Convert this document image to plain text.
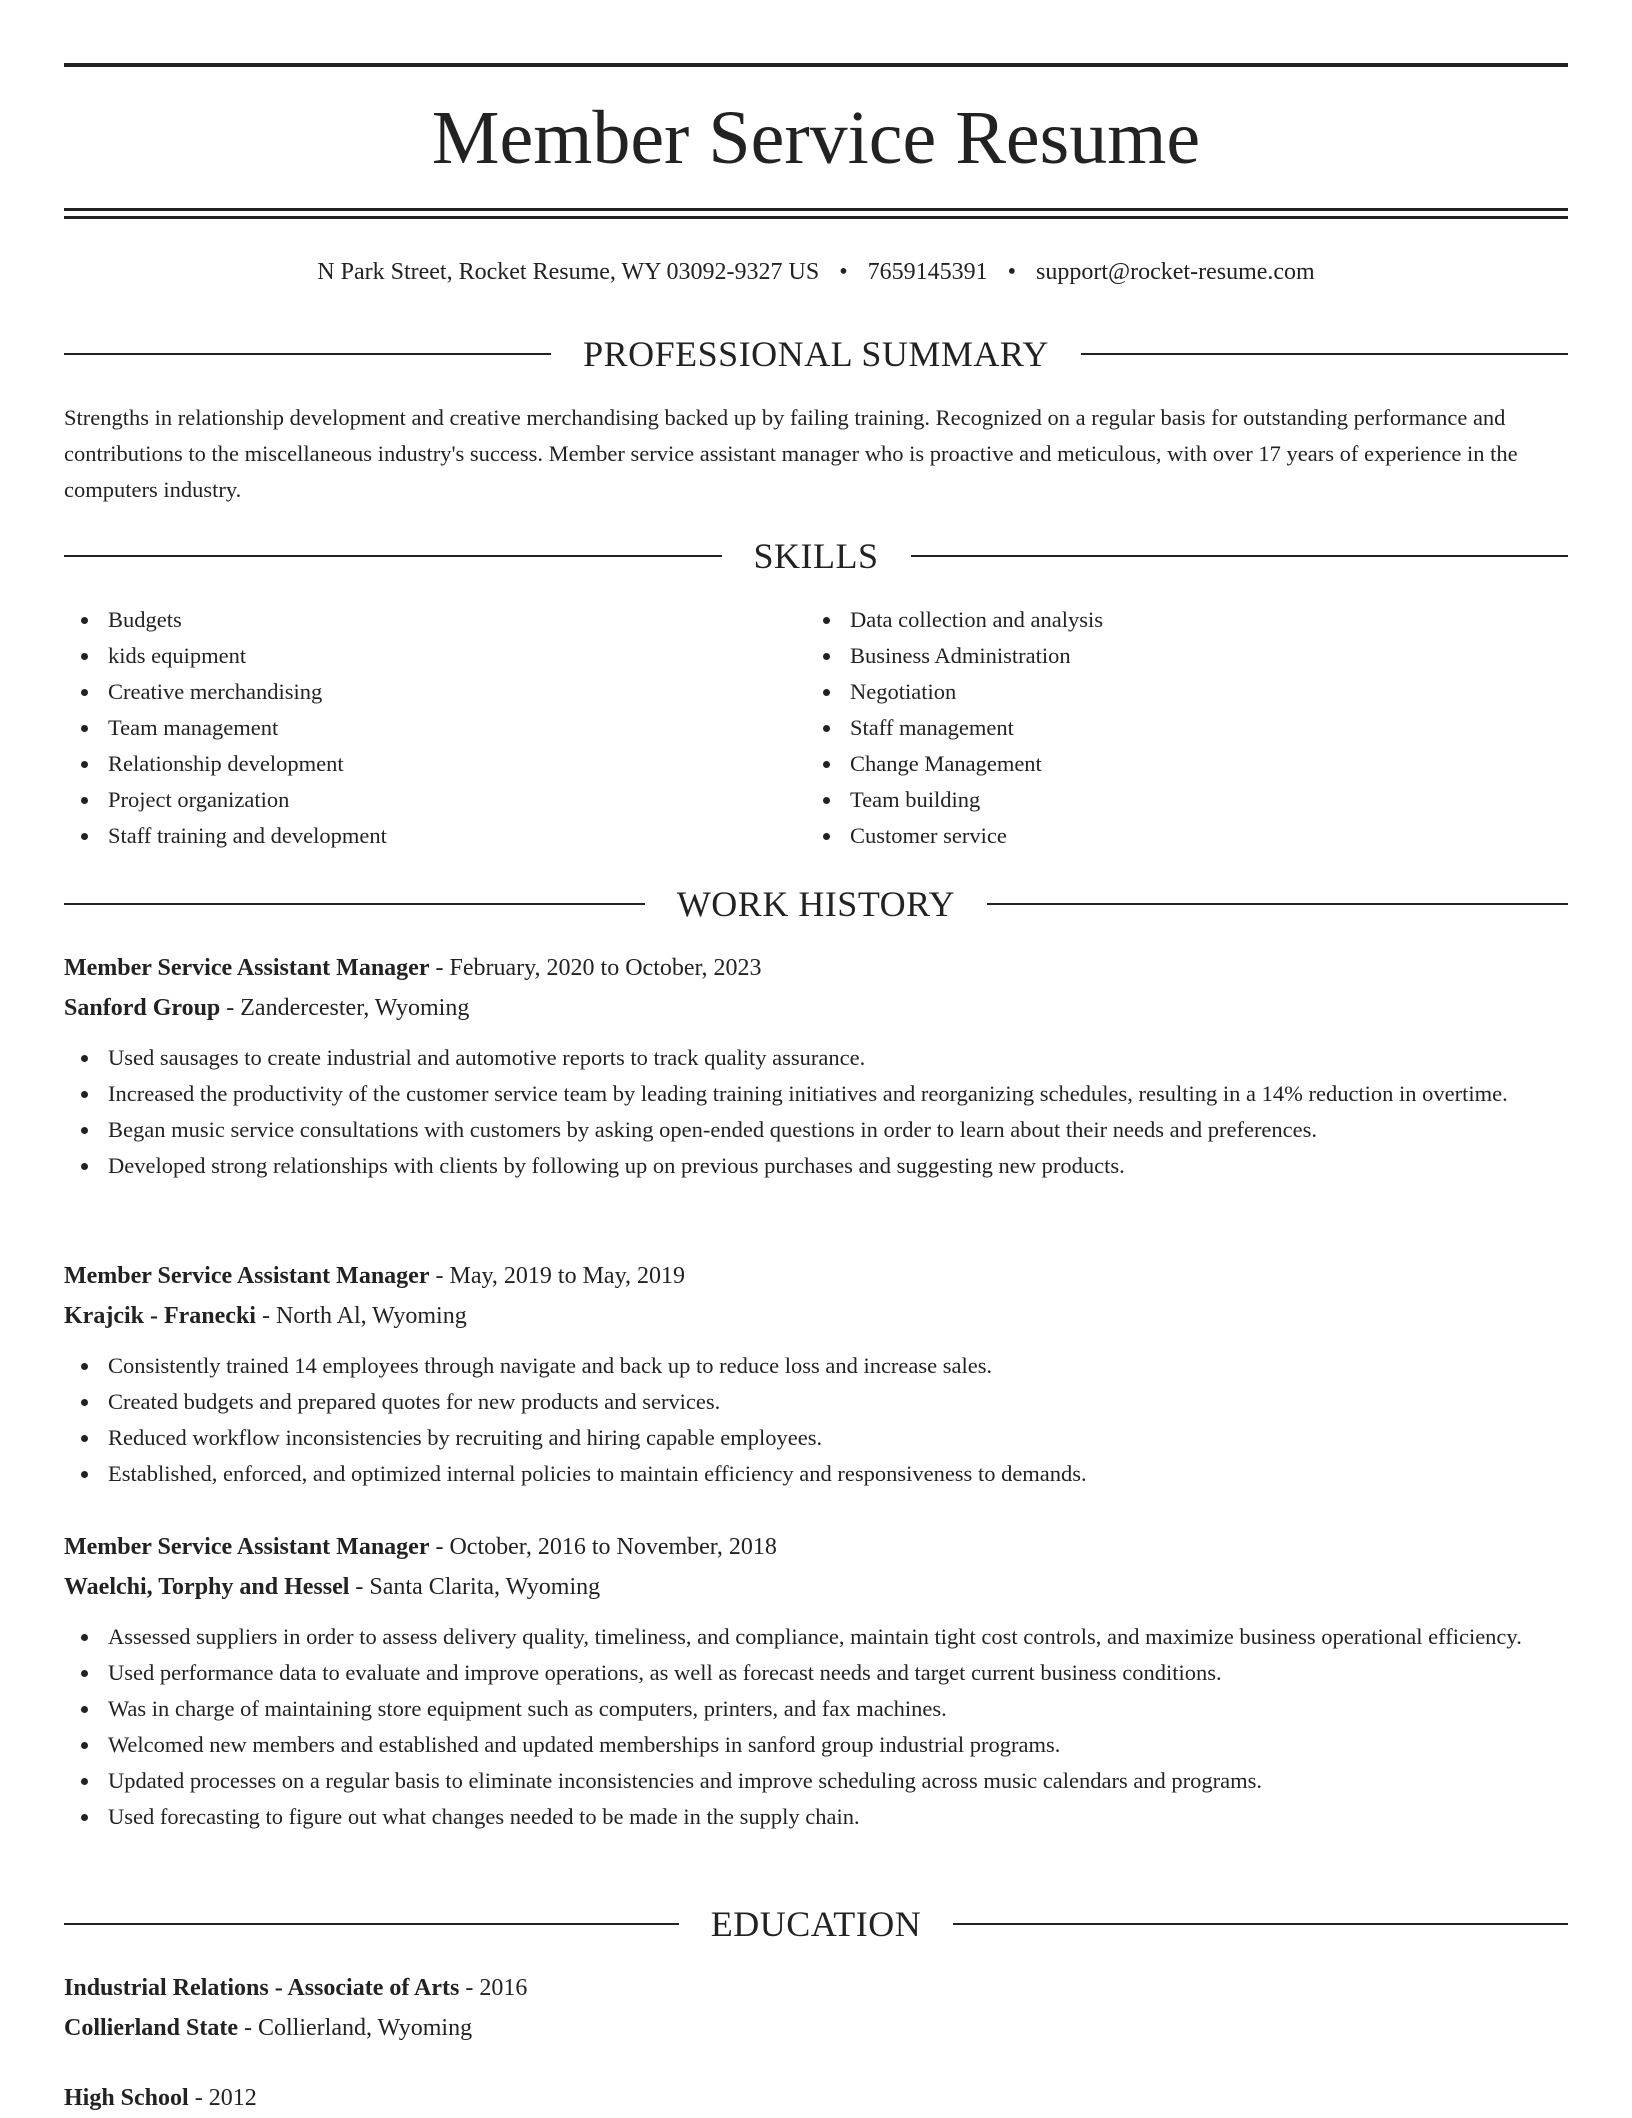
Member Service Resume
N Park Street, Rocket Resume, WY 03092-9327 US • 7659145391 • support@rocket-resume.com
PROFESSIONAL SUMMARY

Strengths in relationship development and creative merchandising backed up by failing training. Recognized on a regular basis for outstanding performance and contributions to the miscellaneous industry's success. Member service assistant manager who is proactive and meticulous, with over 17 years of experience in the computers industry.

SKILLS
Budgets
kids equipment
Creative merchandising
Team management
Relationship development
Project organization
Staff training and development
Data collection and analysis
Business Administration
Negotiation
Staff management
Change Management
Team building
Customer service
WORK HISTORY

Member Service Assistant Manager - February, 2020 to October, 2023

Sanford Group - Zandercester, Wyoming

Used sausages to create industrial and automotive reports to track quality assurance.
Increased the productivity of the customer service team by leading training initiatives and reorganizing schedules, resulting in a 14% reduction in overtime.
Began music service consultations with customers by asking open-ended questions in order to learn about their needs and preferences.
Developed strong relationships with clients by following up on previous purchases and suggesting new products.

Member Service Assistant Manager - May, 2019 to May, 2019

Krajcik - Franecki - North Al, Wyoming

Consistently trained 14 employees through navigate and back up to reduce loss and increase sales.
Created budgets and prepared quotes for new products and services.
Reduced workflow inconsistencies by recruiting and hiring capable employees.
Established, enforced, and optimized internal policies to maintain efficiency and responsiveness to demands.

Member Service Assistant Manager - October, 2016 to November, 2018

Waelchi, Torphy and Hessel - Santa Clarita, Wyoming

Assessed suppliers in order to assess delivery quality, timeliness, and compliance, maintain tight cost controls, and maximize business operational efficiency.
Used performance data to evaluate and improve operations, as well as forecast needs and target current business conditions.
Was in charge of maintaining store equipment such as computers, printers, and fax machines.
Welcomed new members and established and updated memberships in sanford group industrial programs.
Updated processes on a regular basis to eliminate inconsistencies and improve scheduling across music calendars and programs.
Used forecasting to figure out what changes needed to be made in the supply chain.
EDUCATION

Industrial Relations - Associate of Arts - 2016

Collierland State - Collierland, Wyoming

High School - 2012
